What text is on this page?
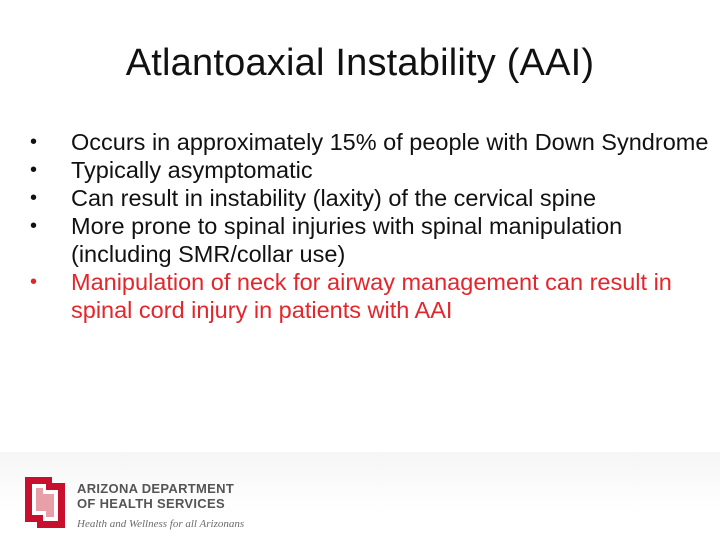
Atlantoaxial Instability (AAI)
•	Occurs in approximately 15% of people with Down Syndrome
•	Typically asymptomatic
•	Can result in instability (laxity) of the cervical spine
•	More prone to spinal injuries with spinal manipulation (including SMR/collar use)
•	Manipulation of neck for airway management can result in spinal cord injury in patients with AAI
ARIZONA DEPARTMENT
OF HEALTH SERVICES
Health and Wellness for all Arizonans
